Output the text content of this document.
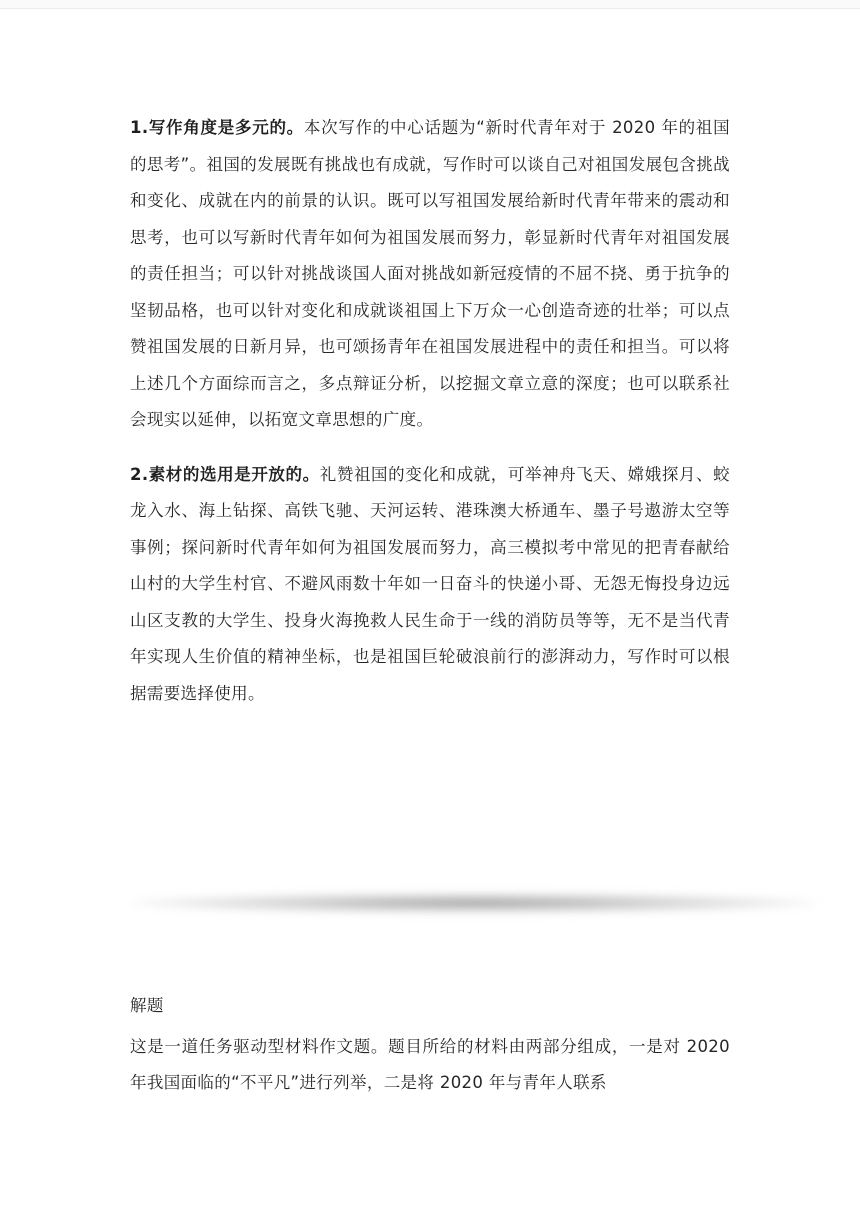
1.写作角度是多元的。本次写作的中心话题为“新时代青年对于 2020 年的祖国的思考”。祖国的发展既有挑战也有成就，写作时可以谈自己对祖国发展包含挑战和变化、成就在内的前景的认识。既可以写祖国发展给新时代青年带来的震动和思考，也可以写新时代青年如何为祖国发展而努力，彰显新时代青年对祖国发展的责任担当；可以针对挑战谈国人面对挑战如新冠疫情的不屈不挠、勇于抗争的坚韧品格，也可以针对变化和成就谈祖国上下万众一心创造奇迹的壮举；可以点赞祖国发展的日新月异，也可颂扬青年在祖国发展进程中的责任和担当。可以将上述几个方面综而言之，多点辩证分析，以挖掘文章立意的深度；也可以联系社会现实以延伸，以拓宽文章思想的广度。

2.素材的选用是开放的。礼赞祖国的变化和成就，可举神舟飞天、嫦娥探月、蛟龙入水、海上钻探、高铁飞驰、天河运转、港珠澳大桥通车、墨子号遨游太空等事例；探问新时代青年如何为祖国发展而努力，高三模拟考中常见的把青春献给山村的大学生村官、不避风雨数十年如一日奋斗的快递小哥、无怨无悔投身边远山区支教的大学生、投身火海挽救人民生命于一线的消防员等等，无不是当代青年实现人生价值的精神坐标，也是祖国巨轮破浪前行的澎湃动力，写作时可以根据需要选择使用。

解题

这是一道任务驱动型材料作文题。题目所给的材料由两部分组成，一是对 2020 年我国面临的“不平凡”进行列举，二是将 2020 年与青年人联系
